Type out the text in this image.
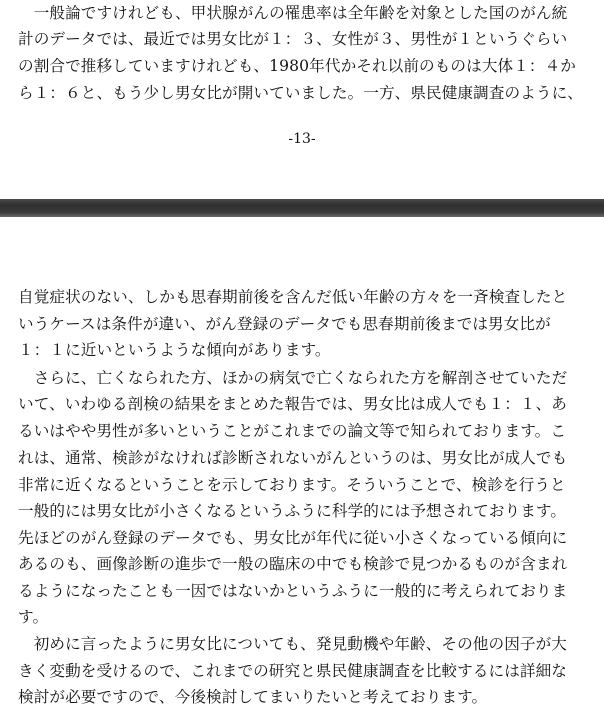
　一般論ですけれども、甲状腺がんの罹患率は全年齢を対象とした国のがん統
計のデータでは、最近では男女比が１：３、女性が３、男性が１というぐらい
の割合で推移していますけれども、1980年代かそれ以前のものは大体１：４か
ら１：６と、もう少し男女比が開いていました。一方、県民健康調査のように、
-13-
自覚症状のない、しかも思春期前後を含んだ低い年齢の方々を一斉検査したと
いうケースは条件が違い、がん登録のデータでも思春期前後までは男女比が
１：１に近いというような傾向があります。
　さらに、亡くなられた方、ほかの病気で亡くなられた方を解剖させていただ
いて、いわゆる剖検の結果をまとめた報告では、男女比は成人でも１：１、あ
るいはやや男性が多いということがこれまでの論文等で知られております。こ
れは、通常、検診がなければ診断されないがんというのは、男女比が成人でも
非常に近くなるということを示しております。そういうことで、検診を行うと
一般的には男女比が小さくなるというふうに科学的には予想されております。
先ほどのがん登録のデータでも、男女比が年代に従い小さくなっている傾向に
あるのも、画像診断の進歩で一般の臨床の中でも検診で見つかるものが含まれ
るようになったことも一因ではないかというふうに一般的に考えられておりま
す。
　初めに言ったように男女比についても、発見動機や年齢、その他の因子が大
きく変動を受けるので、これまでの研究と県民健康調査を比較するには詳細な
検討が必要ですので、今後検討してまいりたいと考えております。
